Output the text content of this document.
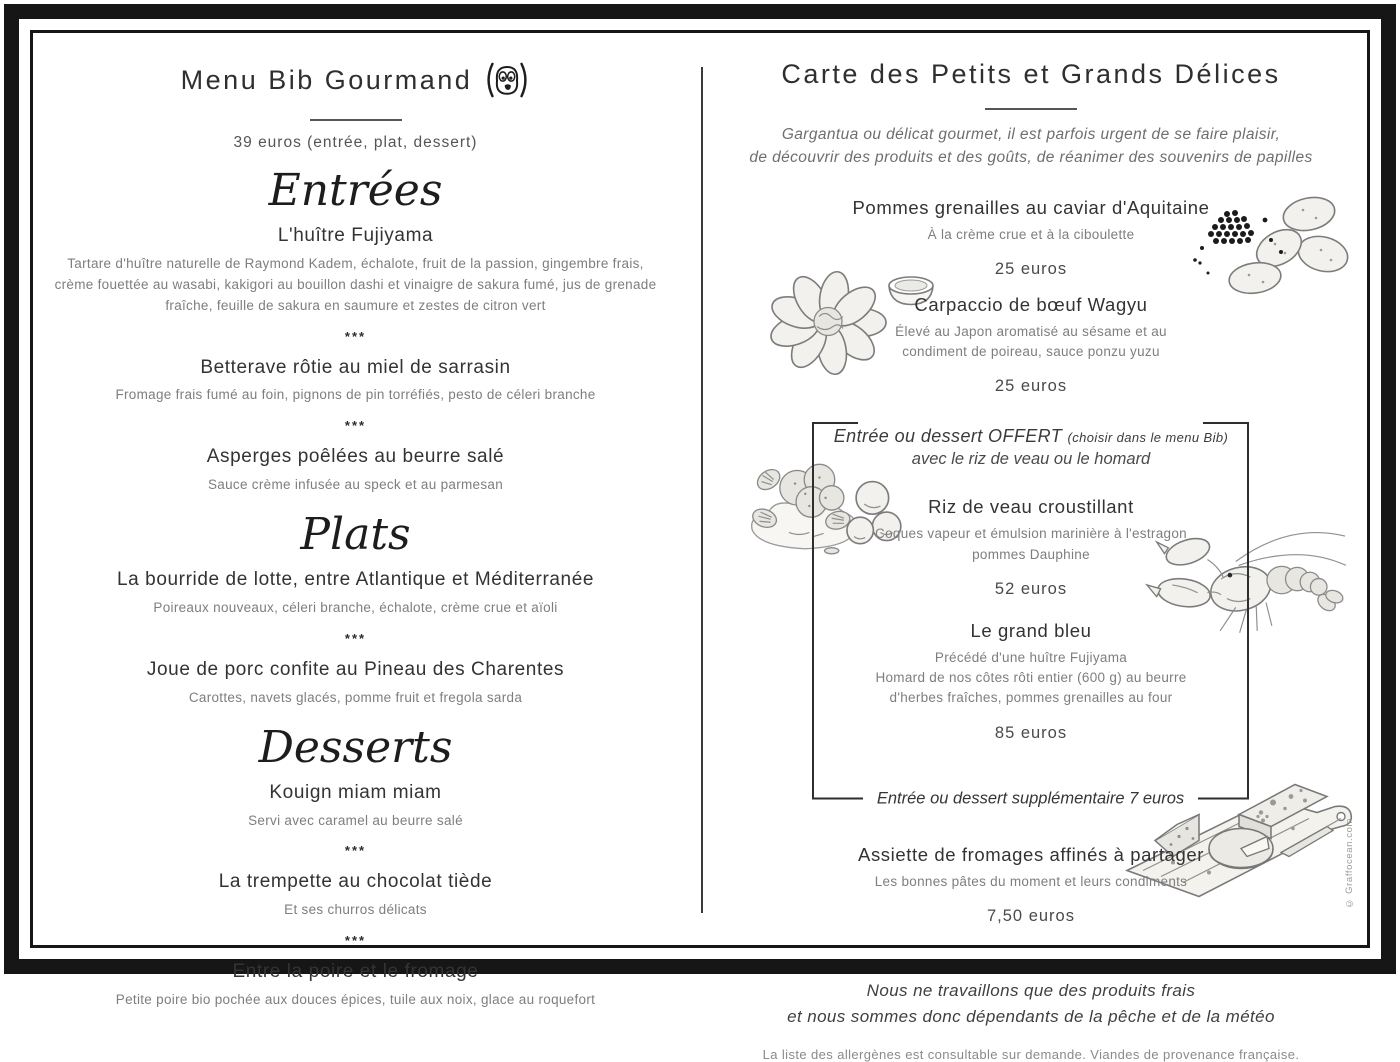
Menu Bib Gourmand
39 euros (entrée, plat, dessert)
Entrées
L'huître Fujiyama
Tartare d'huître naturelle de Raymond Kadem, échalote, fruit de la passion, gingembre frais, crème fouettée au wasabi, kakigori au bouillon dashi et vinaigre de sakura fumé, jus de grenade fraîche, feuille de sakura en saumure et zestes de citron vert
***
Betterave rôtie au miel de sarrasin
Fromage frais fumé au foin, pignons de pin torréfiés, pesto de céleri branche
***
Asperges poêlées au beurre salé
Sauce crème infusée au speck et au parmesan
Plats
La bourride de lotte, entre Atlantique et Méditerranée
Poireaux nouveaux, céleri branche, échalote, crème crue et aïoli
***
Joue de porc confite au Pineau des Charentes
Carottes, navets glacés, pomme fruit et fregola sarda
Desserts
Kouign miam miam
Servi avec caramel au beurre salé
***
La trempette au chocolat tiède
Et ses churros délicats
***
Entre la poire et le fromage
Petite poire bio pochée aux douces épices, tuile aux noix, glace au roquefort
Carte des Petits et Grands Délices
Gargantua ou délicat gourmet, il est parfois urgent de se faire plaisir,
de découvrir des produits et des goûts, de réanimer des souvenirs de papilles
Pommes grenailles au caviar d'Aquitaine
À la crème crue et à la ciboulette
25 euros
Carpaccio de bœuf Wagyu
Élevé au Japon aromatisé au sésame et au
condiment de poireau, sauce ponzu yuzu
25 euros
Entrée ou dessert OFFERT (choisir dans le menu Bib)
avec le riz de veau ou le homard
Riz de veau croustillant
Coques vapeur et émulsion marinière à l'estragon
pommes Dauphine
52 euros
Le grand bleu
Précédé d'une huître Fujiyama
Homard de nos côtes rôti entier (600 g) au beurre
d'herbes fraîches, pommes grenailles au four
85 euros
Entrée ou dessert supplémentaire 7 euros
Assiette de fromages affinés à partager
Les bonnes pâtes du moment et leurs condiments
7,50 euros
Nous ne travaillons que des produits frais
et nous sommes donc dépendants de la pêche et de la météo
La liste des allergènes est consultable sur demande. Viandes de provenance française.
© Graffocean.com
